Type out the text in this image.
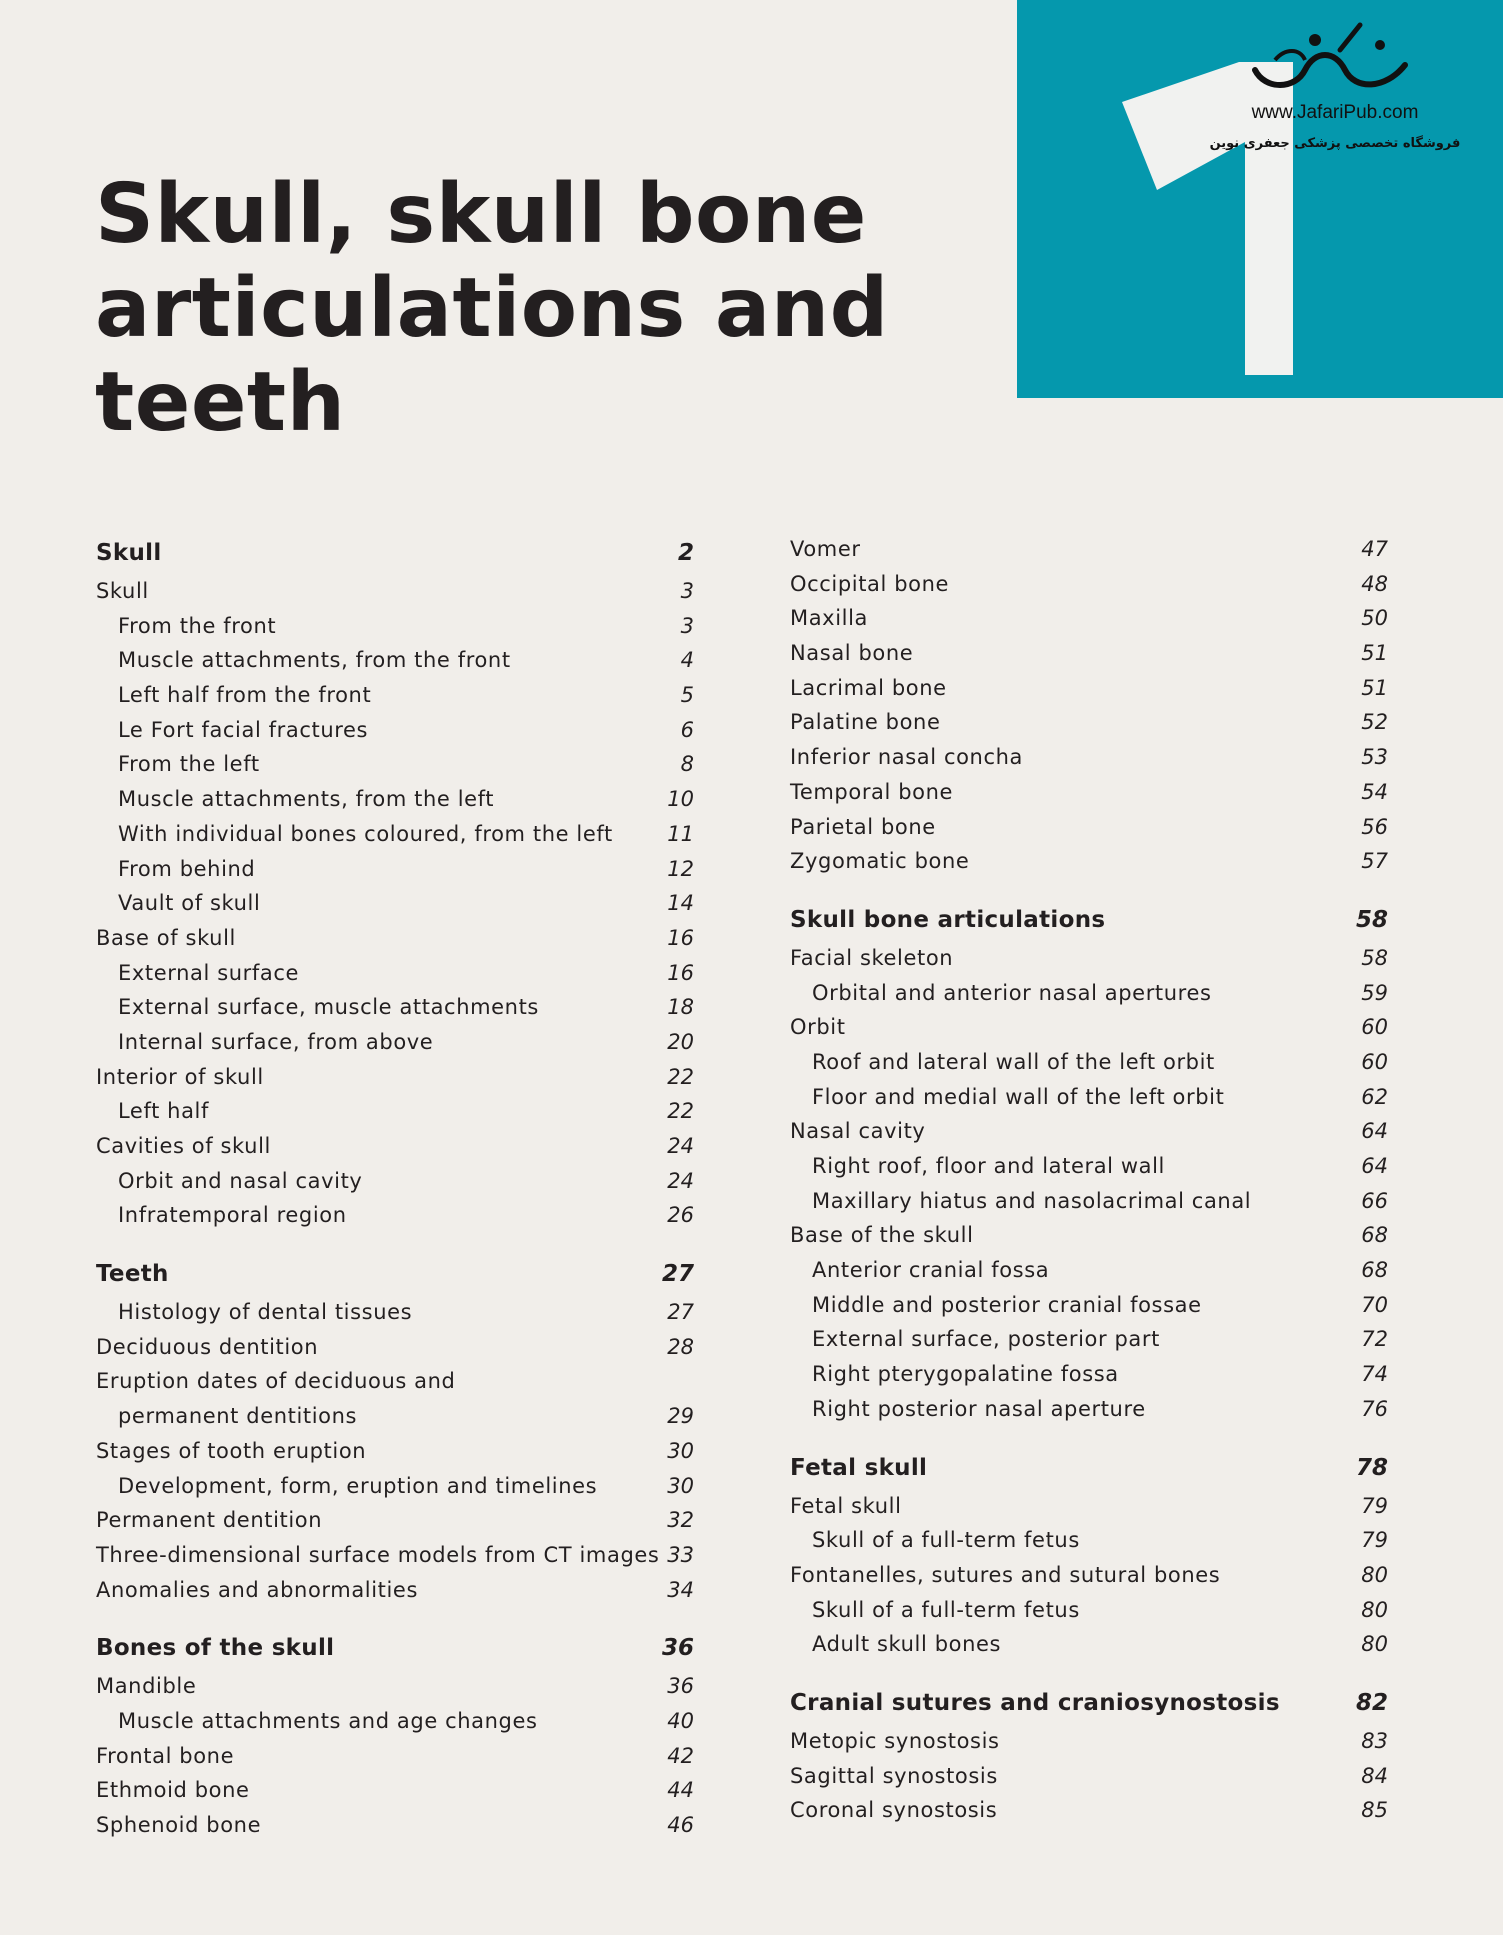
www.JafariPub.com
فروشگاه تخصصی پزشکی جعفری نوین
Skull, skull bone
articulations and
teeth
Skull	2
Skull	3
From the front	3
Muscle attachments, from the front	4
Left half from the front	5
Le Fort facial fractures	6
From the left	8
Muscle attachments, from the left	10
With individual bones coloured, from the left	11
From behind	12
Vault of skull	14
Base of skull	16
External surface	16
External surface, muscle attachments	18
Internal surface, from above	20
Interior of skull	22
Left half	22
Cavities of skull	24
Orbit and nasal cavity	24
Infratemporal region	26
Teeth	27
Histology of dental tissues	27
Deciduous dentition	28
Eruption dates of deciduous and
permanent dentitions	29
Stages of tooth eruption	30
Development, form, eruption and timelines	30
Permanent dentition	32
Three-dimensional surface models from CT images 33
Anomalies and abnormalities	34
Bones of the skull	36
Mandible	36
Muscle attachments and age changes	40
Frontal bone	42
Ethmoid bone	44
Sphenoid bone	46
Vomer	47
Occipital bone	48
Maxilla	50
Nasal bone	51
Lacrimal bone	51
Palatine bone	52
Inferior nasal concha	53
Temporal bone	54
Parietal bone	56
Zygomatic bone	57
Skull bone articulations	58
Facial skeleton	58
Orbital and anterior nasal apertures	59
Orbit	60
Roof and lateral wall of the left orbit	60
Floor and medial wall of the left orbit	62
Nasal cavity	64
Right roof, floor and lateral wall	64
Maxillary hiatus and nasolacrimal canal	66
Base of the skull	68
Anterior cranial fossa	68
Middle and posterior cranial fossae	70
External surface, posterior part	72
Right pterygopalatine fossa	74
Right posterior nasal aperture	76
Fetal skull	78
Fetal skull	79
Skull of a full-term fetus	79
Fontanelles, sutures and sutural bones	80
Skull of a full-term fetus	80
Adult skull bones	80
Cranial sutures and craniosynostosis	82
Metopic synostosis	83
Sagittal synostosis	84
Coronal synostosis	85
